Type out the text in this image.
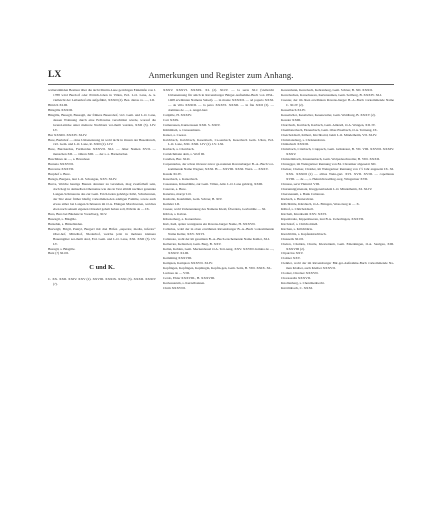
LX	Anmerkungen und Register zum Anhang.

walterstimiden Besitzer über die nicht Martin-Lane gerichtgen Einkünfte von J. 1788 wird Burdorf oder Pöttich-loben in Villen, Erd. L.O. Lane, A. k. vielleicht der Leibenhof alle aufgeführt, XXXII (2). Bez. dietas ca. —, LII.

Bittrich XLIII.

Bütsgille XXXIII.

Büsgille, Busagil, Bussagil, der frühere Buserohof, vicl. Gem. und L.O. Lane, dessen Wohnung durch eine Erdlawine verschüttet wurde, worauf die Grund-stücke unter mehrere Nachbarn ver-theilt wurden, XXII (3). LIV. LV.

Bur XXXIII. XXXIV. XLIV.

Bure, Burinhof — ohne Unbenennung ist wohl nicht in Ostern der Busenbruch, vicl. Gem. und L.O. Lane, R. XXII (2). LIV.

Bure, Burckardus, Furthardus XXXVII. XLI. — öther Namen XVII. — menschen XII. — öthren XIII. — der s. a. Harneluchet.

Buschlines de —, a. Brussbeer.

Burneia XXXVIII.

Burcerne XXXVII.

Burphof s. Bure.

Butsgn, Burgere, laut L.O. Schongau, XXV. XLIV.

Burve, Welche heutige Bauren darunter zu verstehen, mag zweifelhaft sein, doch liegt in demselben Ohernaine wie das in Text allmäl nachher genannte Langen-Schönerens das zur Gem. Erich-belen gehörige Kibö, Schubaruren, der Sitz einer früher häufig vorkommen-den adeligen Familie, sowie auch etwas süber bei Langen-Schöneren im O.A. Ehingen Marchweren, welches eben nach seinem eigenen Ortsadel gehalt haben soll, Pöhrtle de — IX.

Burs, Burs bei Bludenz in Vorarlberg, XLV.

Buszagil, s. Büsgille.

Butzehin, s. Bützebinden.

Buzwigil, Brigil, Puntyl, Burgerl mit drei Höfen „superior, media, inferior“ Ober-hof, Mittelhof, Niederhof, welche jetzt in mehrere kleinere Bauerngüter zer-theilt sind, Erd. Gem. und L.O. Lane, XXI. XXII (3). LV. LV.

Buzagil, s. Büsgille.

Butz (?) XLIII.

C und K.

C. XX. XXII. XXIV. XXV (2). XXVIII. XXXIX. XXXI (3). XXXII. XXXIV (?).

XXXV. XXXVI. XXXIX. XL (2). XLIV. — la serta XLI (vielleicht Unbenennung für amch in Ravensburger Bürger-Aufnahme-Buch von 1834–1468 erwähnten Namens Sabed). — in monte XXXXII. — ad populo XXXI. — de villa XXXIII. — la petro XXXVI. XXXII. — in fite XXII (3). — dominus de —, a. Angel-harr.

Cattpille, H. XXXIV.

Carr XXIX.

Cumerassen, Kurnerassen XXII. S. XXIV.

Kümmbeh, a. Cuneasmann.

Kaiser, a. Caesar.

Kalchbach, Kalchbach, Kesenbach, Ca-senbach, Keserbach Gem. Ulten, Erd. L.O. Lane, XXI. XXII. LIV (2). LV. LXI.

Karbach, a. Charrbach.

Cartelchmann dem, s. Wolf III.

Carellen, Bur. XLII.

Carpentarius, der schon im kurz zuvor ge-nannten Ravensburger B.-A.-Buch vor-kommende Name Wagner, XXXI. H.— XXVIII. XXXI. Wern. — XXXV.

Kassik XLIV.

Kaserbach, s. Kaiserbach.

Caseanaus, Kässebühle, zur Gem. Villen, Amt. L.O. Lane gehörig, XXIII.

Caseron, a. Bure.

Katerina, martyr LII.

Kasholle, Katehimm, Gem. Schöer, B. XIV.

Kemder LII.

Cueser, wohl Unbenennung des Namens Kleid, Überdeia, Gorbuldüe — XI.

Kiblon, s. Kabon.

Kibenotherg, a. Karuenbare.

Kub, Keil, später wenigstens ein Ravens-burger Name, H. XXXVII.

Callarius, wohl der in oben erwähnten Ravensburger B.-A.-Buch vorkommende Name Keller, XXV. XXVI.

Caltanote, wohl der im gesamten B.-A.-Buch erscheinende Name Kahler, XLI.

Kellerrier, Kellerried, Gem. Berg, B. XXV.

Kelnn, Kehlen, Gem. Meckenbeuel O.A. Tett-nang, XXV. XXVIII domina de —, XXXIV. XLIII.

Kemmüng XXXVIII.

Kempten, Kempton XXXVII. XLIV.

Kepfingen, Kepfingen, Kephingin, Kepfin-gen, Gem. Seitz, B. VIII. XXIX. XL.

Lucinea de — VIII.

Cerdo, Ehler XXXVIII., H. XXXVIII.

Kerleauarum, s. Kerzelbannen.

Chrm XXXVIII.

Kerzenbann, Kerrebach, Kebranberg, Gem. Schöer, B. XII. XXXII.

Kerrebachen, Karsebsaren, Kerlensumen, Gem. Seilberg, B. XXXIV. XLI.

Cuester, der im öben erwähnten Ravens-burger B.-A.-Buch vorkommende Name C. XLIV (2).

Kesselbach XLIV.

Kesselwiler, Kesslwiler, Kesenewiler, Gem. Waldburg, B. XXXV (2).

Kessler XXIII.

Charrbach, Karrbach, Karbach, Gem. Amtzell, O.A. Wangen, XII. IV.

Chembaterbech, Ekreurbach, Gem. Ober-Eiselbach, O.A. Tettnang, IX.

Chetcholdzell, Kilbert, Kirchbaird, beim L.O. Mindelheim, VII. XLIV.

Christiansburg, s. Christensbrun.

Chünabach XXXIII.

Christbach, Cristbach, Cruppach, Gem. Grünkraut, B. VII. VIII. XXVIII. XXXIV. XXXV.

Christelinbach, Kruentenbach, Gem. Wolpadeschweiler, B. VIII. XXXII.

Chrusgger, im Weingartner Rennung von 84. Chroniker abgesetzt XII.

Chelser, Chelser, Chalder, im Weingartner Rennung von 1½ Jahr angesetzt IX. XI. XXX. XXXIII (2) — abbas Wein-gart. XVI. XVII. XVIII. — capellanus XVIII. — de —, s. Heinrichswelling-weg, Wingartner XVII.

Chrussa, servr Heinrici VIII.

Churunnig(attenant, Kleggerenbadem L.O. Mindelheim, XI. XLIV.

Chersnauum, s. Bank Cultanote.

Kiebach, s. Hertersbriet.

Killchbürle, Kürsbuch, O.A. Ehingen, Wess-burg in — X.

Kilhof, s. Chilcholdzell.

Kirchelt, Kirenbeim XXV. XXVI.

Kipenbraite, Kippenbueren, laut B.A. Ueberlingen, XXXVII.

Kirchdorf, s. Chilcholdzell.

Kirchen, s. Killchbürle.

Kierchblitz, s. Kapfenkirschbach.

Chusseils XLIII.

Chelon, Chalden, Churle, Kleuwinum, Gem. Emerkingen, O.A. Saulgau, XIII. XXXVIII (2).

Clipurciss XXV.

Clattner XXV.

Cleikler, wohl der im Ravensburger Bür-ger-Aufnahme-Buch vorkommende Na-men Klaiber, auch Kleiber XXXVII.

Clodaer, Chrelser XXXVII.

Choraasalla XXXVII.

Knollenberg, s. Chenilnenbecht.

Knörlinbach, C. XXXI.
